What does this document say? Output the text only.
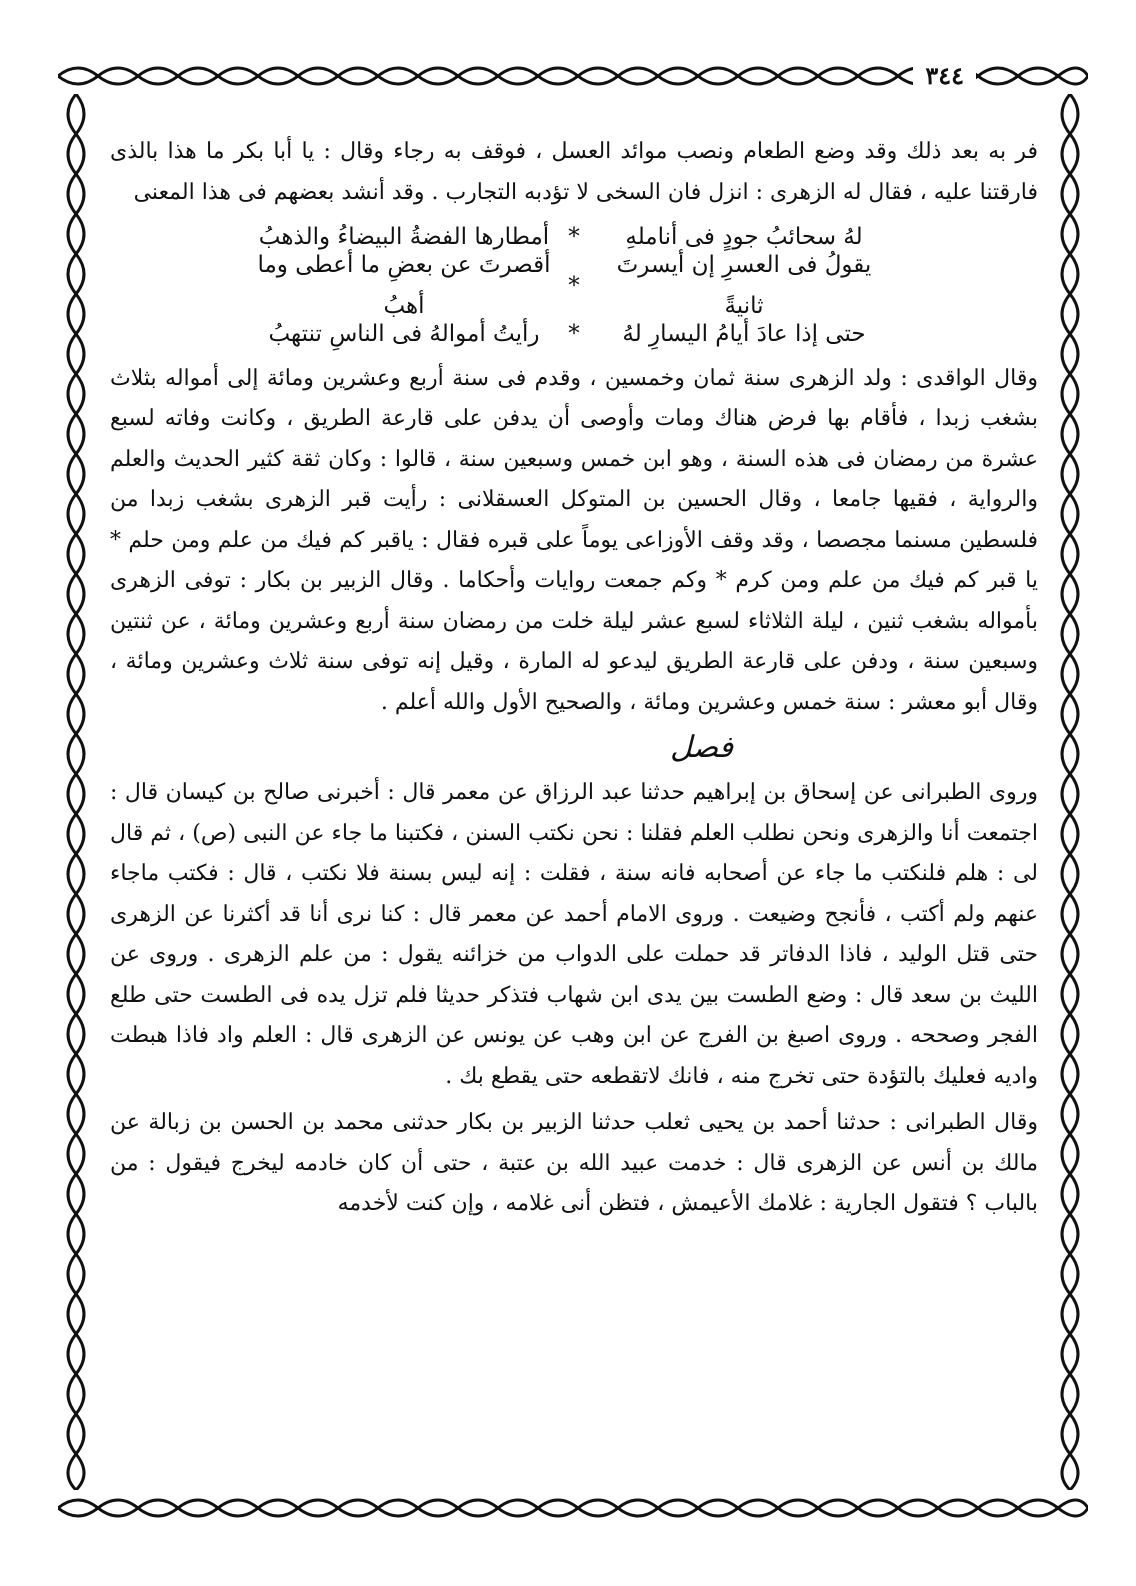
٣٤٤

فر به بعد ذلك وقد وضع الطعام ونصب موائد العسل ، فوقف به رجاء وقال : يا أبا بكر ما هذا بالذى فارقتنا عليه ، فقال له الزهرى : انزل فان السخى لا تؤدبه التجارب . وقد أنشد بعضهم فى هذا المعنى

لهُ سحائبُ جودٍ فى أناملهِ
*
أمطارها الفضةُ البيضاءُ والذهبُ
يقولُ فى العسرِ إن أيسرتَ ثانيةً
*
أقصرتَ عن بعضِ ما أعطى وما أهبُ
حتى إذا عادَ أيامُ اليسارِ لهُ
*
رأيتُ أموالهُ فى الناسِ تنتهبُ

وقال الواقدى : ولد الزهرى سنة ثمان وخمسين ، وقدم فى سنة أربع وعشرين ومائة إلى أمواله بثلاث بشغب زبدا ، فأقام بها فرض هناك ومات وأوصى أن يدفن على قارعة الطريق ، وكانت وفاته لسبع عشرة من رمضان فى هذه السنة ، وهو ابن خمس وسبعين سنة ، قالوا : وكان ثقة كثير الحديث والعلم والرواية ، فقيها جامعا ، وقال الحسين بن المتوكل العسقلانى : رأيت قبر الزهرى بشغب زبدا من فلسطين مسنما مجصصا ، وقد وقف الأوزاعى يوماً على قبره فقال : ياقبر كم فيك من علم ومن حلم * يا قبر كم فيك من علم ومن كرم * وكم جمعت روايات وأحكاما . وقال الزبير بن بكار : توفى الزهرى بأمواله بشغب ثنين ، ليلة الثلاثاء لسبع عشر ليلة خلت من رمضان سنة أربع وعشرين ومائة ، عن ثنتين وسبعين سنة ، ودفن على قارعة الطريق ليدعو له المارة ، وقيل إنه توفى سنة ثلاث وعشرين ومائة ، وقال أبو معشر : سنة خمس وعشرين ومائة ، والصحيح الأول والله أعلم .

فصل

وروى الطبرانى عن إسحاق بن إبراهيم حدثنا عبد الرزاق عن معمر قال : أخبرنى صالح بن كيسان قال : اجتمعت أنا والزهرى ونحن نطلب العلم فقلنا : نحن نكتب السنن ، فكتبنا ما جاء عن النبى (ص) ، ثم قال لى : هلم فلنكتب ما جاء عن أصحابه فانه سنة ، فقلت : إنه ليس بسنة فلا نكتب ، قال : فكتب ماجاء عنهم ولم أكتب ، فأنجح وضيعت . وروى الامام أحمد عن معمر قال : كنا نرى أنا قد أكثرنا عن الزهرى حتى قتل الوليد ، فاذا الدفاتر قد حملت على الدواب من خزائنه يقول : من علم الزهرى . وروى عن الليث بن سعد قال : وضع الطست بين يدى ابن شهاب فتذكر حديثا فلم تزل يده فى الطست حتى طلع الفجر وصححه . وروى اصبغ بن الفرج عن ابن وهب عن يونس عن الزهرى قال : العلم واد فاذا هبطت واديه فعليك بالتؤدة حتى تخرج منه ، فانك لاتقطعه حتى يقطع بك .

وقال الطبرانى : حدثنا أحمد بن يحيى ثعلب حدثنا الزبير بن بكار حدثنى محمد بن الحسن بن زبالة عن مالك بن أنس عن الزهرى قال : خدمت عبيد الله بن عتبة ، حتى أن كان خادمه ليخرج فيقول : من بالباب ؟ فتقول الجارية : غلامك الأعيمش ، فتظن أنى غلامه ، وإن كنت لأخدمه
